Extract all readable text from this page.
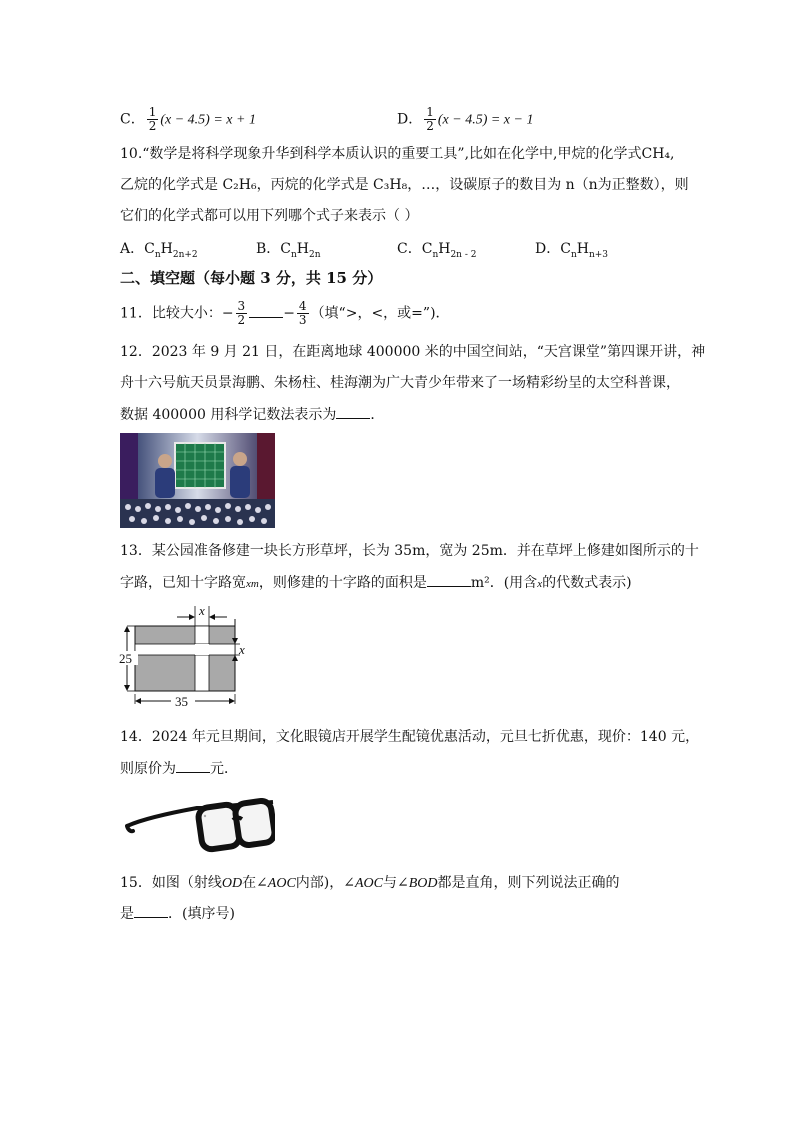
C． $\frac{1}{2} (x - 4.5) = x + 1$	D． $\frac{1}{2} (x - 4.5) = x - 1$
10.“数学是将科学现象升华到科学本质认识的重要工具”,比如在化学中,甲烷的化学式CH₄,
乙烷的化学式是 C₂H₆，丙烷的化学式是 C₃H₈，…，设碳原子的数目为 n（n为正整数），则
它们的化学式都可以用下列哪个式子来表示（ ）
A．$C_nH_{2n+2}$	B．$C_nH_{2n}$	C．$C_nH_{2n - 2}$	D．$C_nH_{n+3}$
二、填空题（每小题 3 分，共 15 分）
11．比较大小：− $\frac{3}{2}$	− $\frac{4}{3}$ （填“>，<，或=”)．
12．2023 年 9 月 21 日，在距离地球 400000 米的中国空间站，“天宫课堂”第四课开讲，神
舟十六号航天员景海鹏、朱杨柱、桂海潮为广大青少年带来了一场精彩纷呈的太空科普课，
数据 400000 用科学记数法表示为 ．
13．某公园准备修建一块长方形草坪，长为 35m，宽为 25m．并在草坪上修建如图所示的十
字路，已知十字路宽xm，则修建的十字路的面积是	m²．(用含x的代数式表示)
x
x
25
35
14．2024 年元旦期间，文化眼镜店开展学生配镜优惠活动，元旦七折优惠，现价：140 元，
则原价为 元．
15．如图（射线OD在∠AOC内部)，∠AOC与∠BOD都是直角，则下列说法正确的
是 ．(填序号)
